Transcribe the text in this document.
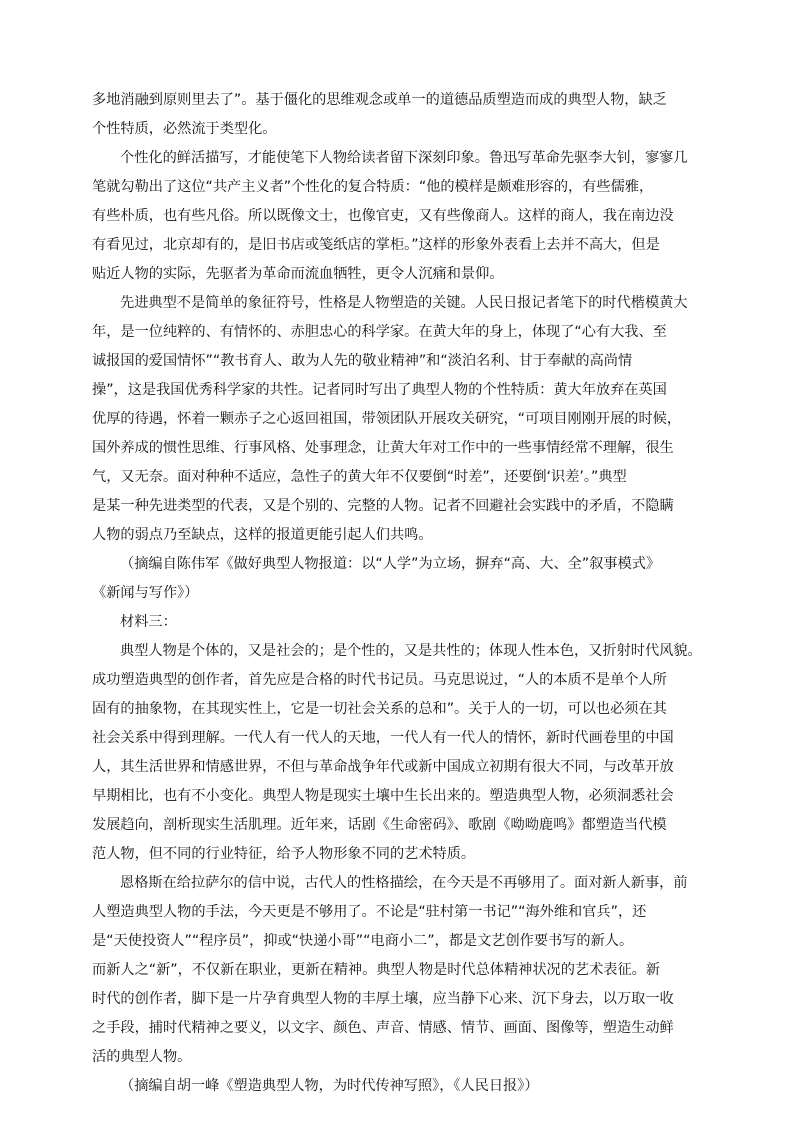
多地消融到原则里去了”。基于僵化的思维观念或单一的道德品质塑造而成的典型人物，缺乏
个性特质，必然流于类型化。
个性化的鲜活描写，才能使笔下人物给读者留下深刻印象。鲁迅写革命先驱李大钊，寥寥几
笔就勾勒出了这位“共产主义者”个性化的复合特质：“他的模样是颇难形容的，有些儒雅，
有些朴质，也有些凡俗。所以既像文士，也像官吏，又有些像商人。这样的商人，我在南边没
有看见过，北京却有的，是旧书店或笺纸店的掌柜。”这样的形象外表看上去并不高大，但是
贴近人物的实际，先驱者为革命而流血牺牲，更令人沉痛和景仰。
先进典型不是简单的象征符号，性格是人物塑造的关键。人民日报记者笔下的时代楷模黄大
年，是一位纯粹的、有情怀的、赤胆忠心的科学家。在黄大年的身上，体现了“心有大我、至
诚报国的爱国情怀”“教书育人、敢为人先的敬业精神”和“淡泊名利、甘于奉献的高尚情
操”，这是我国优秀科学家的共性。记者同时写出了典型人物的个性特质：黄大年放弃在英国
优厚的待遇，怀着一颗赤子之心返回祖国，带领团队开展攻关研究，“可项目刚刚开展的时候，
国外养成的惯性思维、行事风格、处事理念，让黄大年对工作中的一些事情经常不理解，很生
气，又无奈。面对种种不适应，急性子的黄大年不仅要倒“时差”，还要倒‘识差’。”典型
是某一种先进类型的代表，又是个别的、完整的人物。记者不回避社会实践中的矛盾，不隐瞒
人物的弱点乃至缺点，这样的报道更能引起人们共鸣。
（摘编自陈伟军《做好典型人物报道：以“人学”为立场，摒弃“高、大、全”叙事模式》
《新闻与写作》）
材料三：
典型人物是个体的，又是社会的；是个性的，又是共性的；体现人性本色，又折射时代风貌。
成功塑造典型的创作者，首先应是合格的时代书记员。马克思说过，“人的本质不是单个人所
固有的抽象物，在其现实性上，它是一切社会关系的总和”。关于人的一切，可以也必须在其
社会关系中得到理解。一代人有一代人的天地，一代人有一代人的情怀，新时代画卷里的中国
人，其生活世界和情感世界，不但与革命战争年代或新中国成立初期有很大不同，与改革开放
早期相比，也有不小变化。典型人物是现实土壤中生长出来的。塑造典型人物，必须洞悉社会
发展趋向，剖析现实生活肌理。近年来，话剧《生命密码》、歌剧《呦呦鹿鸣》都塑造当代模
范人物，但不同的行业特征，给予人物形象不同的艺术特质。
恩格斯在给拉萨尔的信中说，古代人的性格描绘，在今天是不再够用了。面对新人新事，前
人塑造典型人物的手法，今天更是不够用了。不论是“驻村第一书记”“海外维和官兵”，还
是“天使投资人”“程序员”，抑或“快递小哥”“电商小二”，都是文艺创作要书写的新人。
而新人之“新”，不仅新在职业，更新在精神。典型人物是时代总体精神状况的艺术表征。新
时代的创作者，脚下是一片孕育典型人物的丰厚土壤，应当静下心来、沉下身去，以万取一收
之手段，捕时代精神之要义，以文字、颜色、声音、情感、情节、画面、图像等，塑造生动鲜
活的典型人物。
（摘编自胡一峰《塑造典型人物，为时代传神写照》，《人民日报》）
